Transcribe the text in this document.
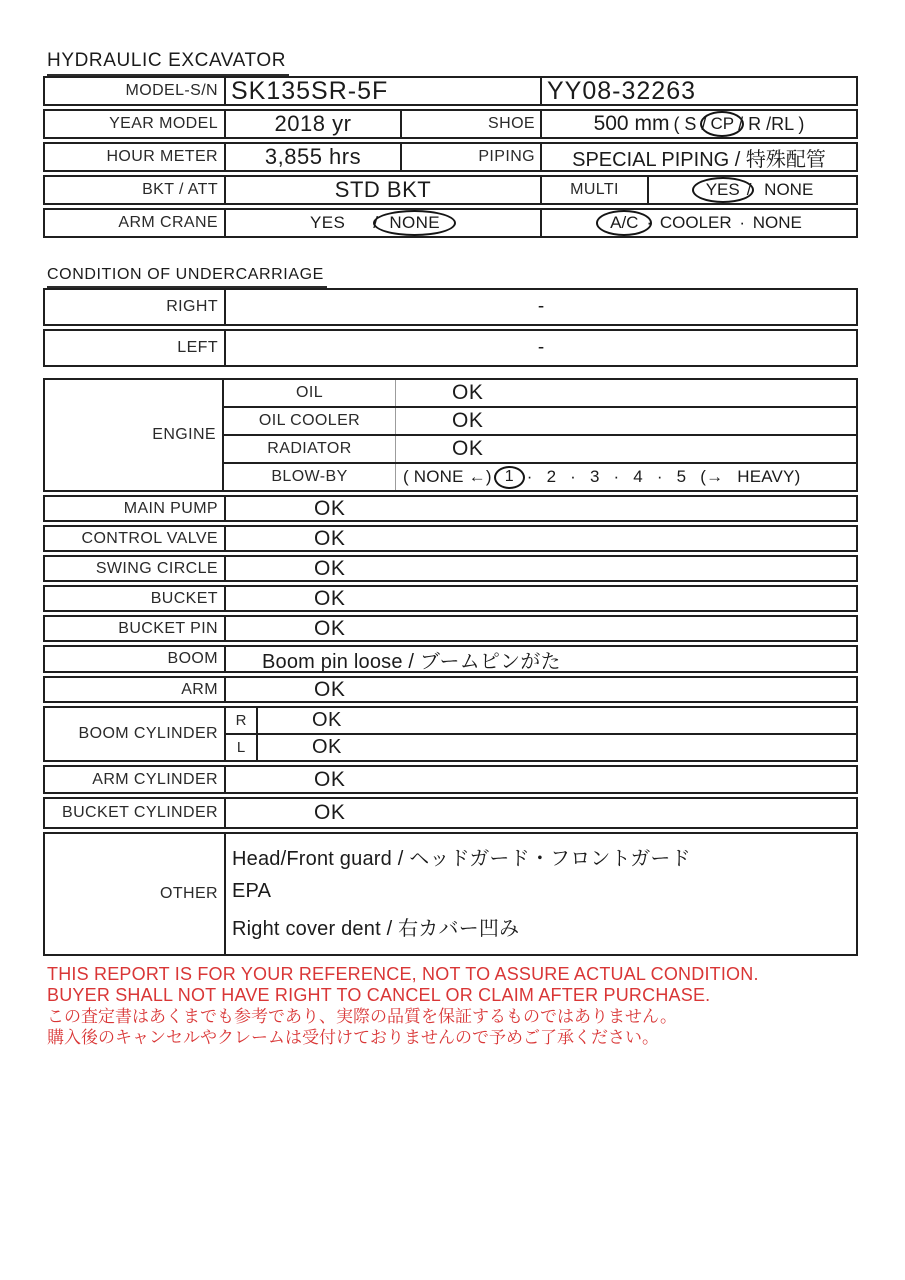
HYDRAULIC EXCAVATOR
MODEL-S/N SK135SR-5F	YY08-32263
YEAR MODEL	2018 yr	SHOE	500 mm ( S / CP / R /RL )
HOUR METER	3,855 hrs	PIPING	SPECIAL PIPING / 特殊配管
BKT / ATT	STD BKT	MULTI	YES / NONE
ARM CRANE	YES / NONE	A/C · COOLER · NONE
CONDITION OF UNDERCARRIAGE
RIGHT	-
LEFT	-
ENGINE
OIL	OK
OIL COOLER	OK
RADIATOR	OK
BLOW-BY	( NONE ←) 1 · 2 · 3 · 4 · 5 (→ HEAVY)
MAIN PUMP	OK
CONTROL VALVE	OK
SWING CIRCLE	OK
BUCKET	OK
BUCKET PIN	OK
BOOM	Boom pin loose / ブームピンがた
ARM	OK
BOOM CYLINDER
R	OK
L	OK
ARM CYLINDER	OK
BUCKET CYLINDER	OK
OTHER
Head/Front guard / ヘッドガード・フロントガード
EPA
Right cover dent / 右カバー凹み
THIS REPORT IS FOR YOUR REFERENCE, NOT TO ASSURE ACTUAL CONDITION.
BUYER SHALL NOT HAVE RIGHT TO CANCEL OR CLAIM AFTER PURCHASE.
この査定書はあくまでも参考であり、実際の品質を保証するものではありません。
購入後のキャンセルやクレームは受付けておりませんので予めご了承ください。
